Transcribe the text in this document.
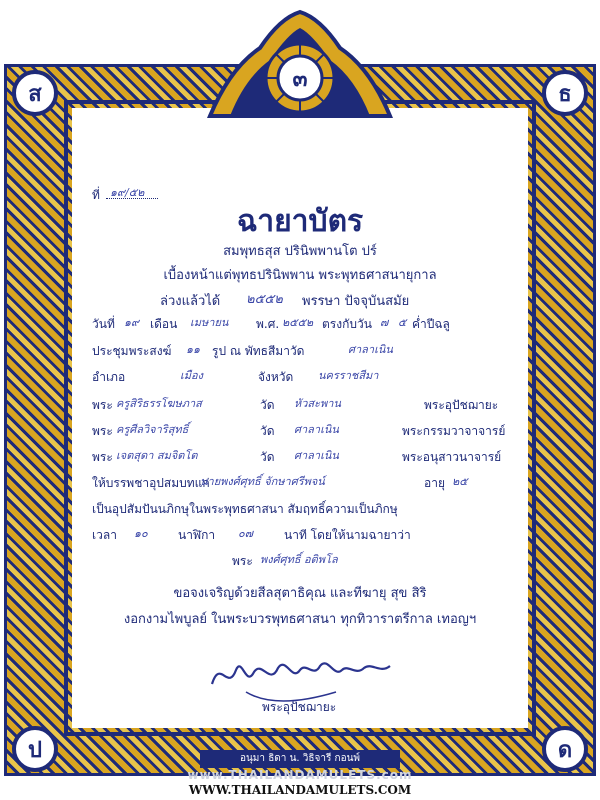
๓
ส	ธ
ป	ด
ที่ ๑๙/๕๒
ฉายาบัตร
สมพุทธสุส ปรินิพพานโต ปร์
เบื้องหน้าแต่พุทธปรินิพพาน พระพุทธศาสนายุกาล
ล่วงแล้วได้ ๒๕๕๒ พรรษา ปัจจุบันสมัย
วันที่ ๑๙ เดือน เมษายน พ.ศ. ๒๕๕๒ ตรงกับวัน ๗ ๕ ค่ำปีฉลู
ประชุมพระสงฆ์ ๑๑ รูป ณ พัทธสีมาวัด	ศาลาเนิน
อำเภอ	เมือง	จังหวัด นครราชสีมา
พระ ครูสิริธรรโฆษภาส	วัด หัวสะพาน	พระอุปัชฌายะ
พระ ครูศีลวิจาริสุทธิ์	วัด ศาลาเนิน	พระกรรมวาจาจารย์
พระ เจตสุดา สมจิตโต	วัด ศาลาเนิน	พระอนุสาวนาจารย์
ให้บรรพชาอุปสมบทแก่
นายพงศ์ศุทธิ์ จักษาศรีพจน์	อายุ ๒๕
เป็นอุปสัมปันนภิกษุในพระพุทธศาสนา สัมฤทธิ์ความเป็นภิกษุ
เวลา ๑๐	นาฬิกา ๐๗	นาที โดยให้นามฉายาว่า
พระ พงศ์ศุทธิ์ อติพโล
ขอจงเจริญด้วยสีลสุตาธิคุณ และทีฆายุ สุข สิริ
งอกงามไพบูลย์ ในพระบวรพุทธศาสนา ทุกทิวาราตรีกาล เทอญฯ
พระอุปัชฌายะ
อนุมา ธิดา น. วิธิจารี กอนพ์
www.THAILANDAMULETS.com
WWW.THAILANDAMULETS.COM
